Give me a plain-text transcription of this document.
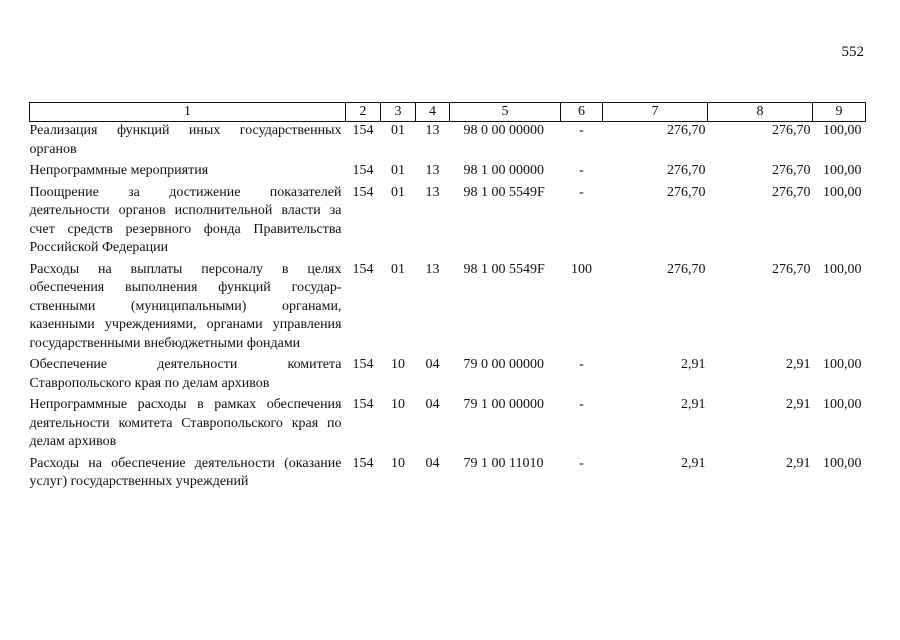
552
1	2	3	4	5	6	7	8	9
Реализация функций иных государственных органов	154	01	13	98 0 00 00000	-	276,70	276,70	100,00
Непрограммные мероприятия	154	01	13	98 1 00 00000	-	276,70	276,70	100,00
Поощрение за достижение показателей деятельности органов исполнительной власти за счет средств резервного фонда Правительства Российской Федерации	154	01	13	98 1 00 5549F	-	276,70	276,70	100,00
Расходы на выплаты персоналу в целях обеспечения выполнения функций государственными (муниципальными) органами, казенными учреждениями, органами управления государственными внебюджетными фондами	154	01	13	98 1 00 5549F	100	276,70	276,70	100,00
Обеспечение деятельности комитета Ставропольского края по делам архивов	154	10	04	79 0 00 00000	-	2,91	2,91	100,00
Непрограммные расходы в рамках обеспечения деятельности комитета Ставропольского края по делам архивов	154	10	04	79 1 00 00000	-	2,91	2,91	100,00
Расходы на обеспечение деятельности (оказание услуг) государственных учреждений	154	10	04	79 1 00 11010	-	2,91	2,91	100,00
